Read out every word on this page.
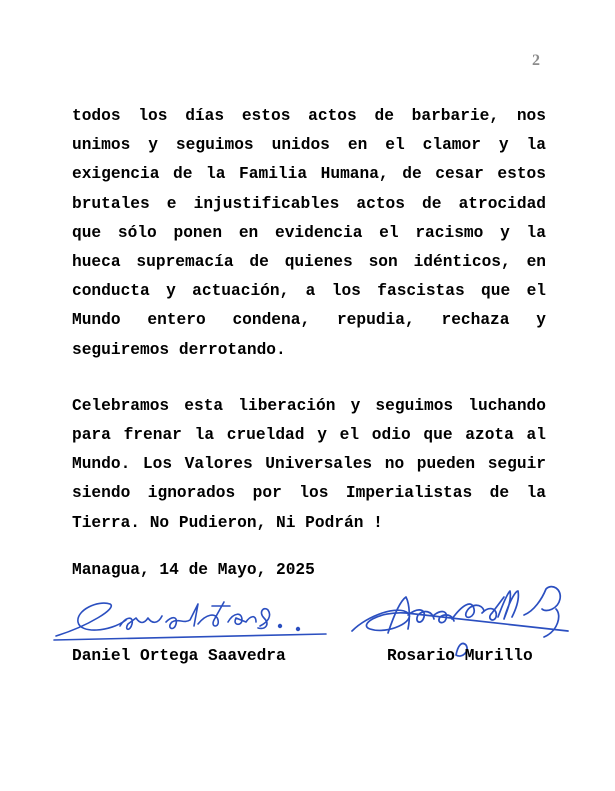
2
todos los días estos actos de barbarie, nos unimos y seguimos unidos en el clamor y la exigencia de la Familia Humana, de cesar estos brutales e injustificables actos de atrocidad que sólo ponen en evidencia el racismo y la hueca supremacía de quienes son idénticos, en conducta y actuación, a los fascistas que el Mundo entero condena, repudia, rechaza y seguiremos derrotando.
Celebramos esta liberación y seguimos luchando para frenar la crueldad y el odio que azota al Mundo. Los Valores Universales no pueden seguir siendo ignorados por los Imperialistas de la Tierra. No Pudieron, Ni Podrán !
Managua, 14 de Mayo, 2025
Daniel Ortega Saavedra	Rosario Murillo
